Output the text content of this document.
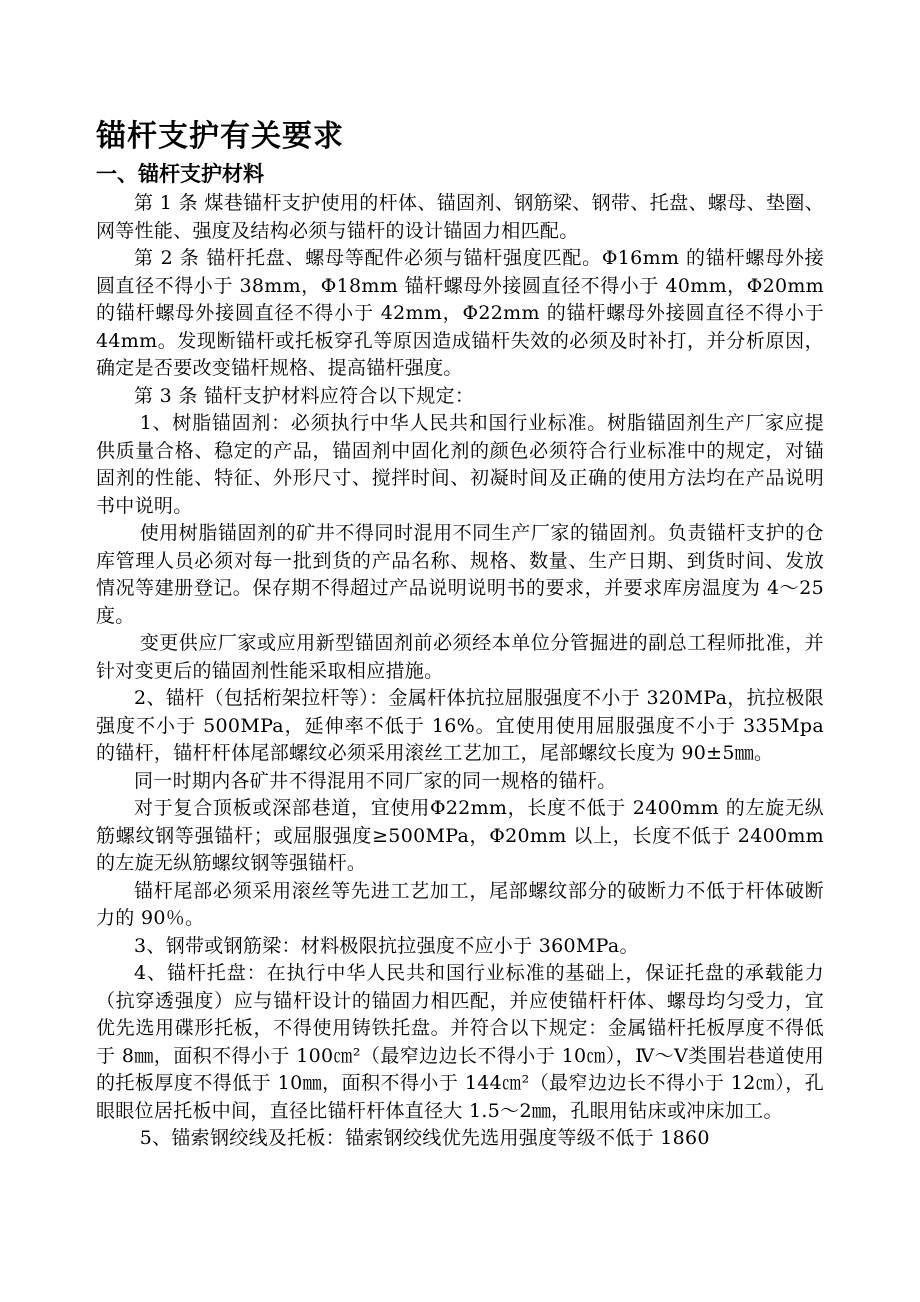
锚杆支护有关要求
一、锚杆支护材料

第 1 条 煤巷锚杆支护使用的杆体、锚固剂、钢筋梁、钢带、托盘、螺母、垫圈、网等性能、强度及结构必须与锚杆的设计锚固力相匹配。

第 2 条 锚杆托盘、螺母等配件必须与锚杆强度匹配。Φ16mm 的锚杆螺母外接圆直径不得小于 38mm，Φ18mm 锚杆螺母外接圆直径不得小于 40mm，Φ20mm 的锚杆螺母外接圆直径不得小于 42mm，Φ22mm 的锚杆螺母外接圆直径不得小于 44mm。发现断锚杆或托板穿孔等原因造成锚杆失效的必须及时补打，并分析原因，确定是否要改变锚杆规格、提高锚杆强度。

第 3 条 锚杆支护材料应符合以下规定：

1、树脂锚固剂：必须执行中华人民共和国行业标准。树脂锚固剂生产厂家应提供质量合格、稳定的产品，锚固剂中固化剂的颜色必须符合行业标准中的规定，对锚固剂的性能、特征、外形尺寸、搅拌时间、初凝时间及正确的使用方法均在产品说明书中说明。

使用树脂锚固剂的矿井不得同时混用不同生产厂家的锚固剂。负责锚杆支护的仓库管理人员必须对每一批到货的产品名称、规格、数量、生产日期、到货时间、发放情况等建册登记。保存期不得超过产品说明说明书的要求，并要求库房温度为 4～25 度。

变更供应厂家或应用新型锚固剂前必须经本单位分管掘进的副总工程师批准，并针对变更后的锚固剂性能采取相应措施。

2、锚杆（包括桁架拉杆等）：金属杆体抗拉屈服强度不小于 320MPa，抗拉极限强度不小于 500MPa，延伸率不低于 16%。宜使用使用屈服强度不小于 335Mpa 的锚杆，锚杆杆体尾部螺纹必须采用滚丝工艺加工，尾部螺纹长度为 90±5㎜。

同一时期内各矿井不得混用不同厂家的同一规格的锚杆。

对于复合顶板或深部巷道，宜使用Φ22mm，长度不低于 2400mm 的左旋无纵筋螺纹钢等强锚杆；或屈服强度≥500MPa，Φ20mm 以上，长度不低于 2400mm 的左旋无纵筋螺纹钢等强锚杆。

锚杆尾部必须采用滚丝等先进工艺加工，尾部螺纹部分的破断力不低于杆体破断力的 90％。

3、钢带或钢筋梁：材料极限抗拉强度不应小于 360MPa。

4、锚杆托盘：在执行中华人民共和国行业标准的基础上，保证托盘的承载能力（抗穿透强度）应与锚杆设计的锚固力相匹配，并应使锚杆杆体、螺母均匀受力，宜优先选用碟形托板，不得使用铸铁托盘。并符合以下规定：金属锚杆托板厚度不得低于 8㎜，面积不得小于 100㎝²（最窄边边长不得小于 10㎝），Ⅳ～Ⅴ类围岩巷道使用的托板厚度不得低于 10㎜，面积不得小于 144㎝²（最窄边边长不得小于 12㎝），孔眼眼位居托板中间，直径比锚杆杆体直径大 1.5～2㎜，孔眼用钻床或冲床加工。

5、锚索钢绞线及托板：锚索钢绞线优先选用强度等级不低于 1860
